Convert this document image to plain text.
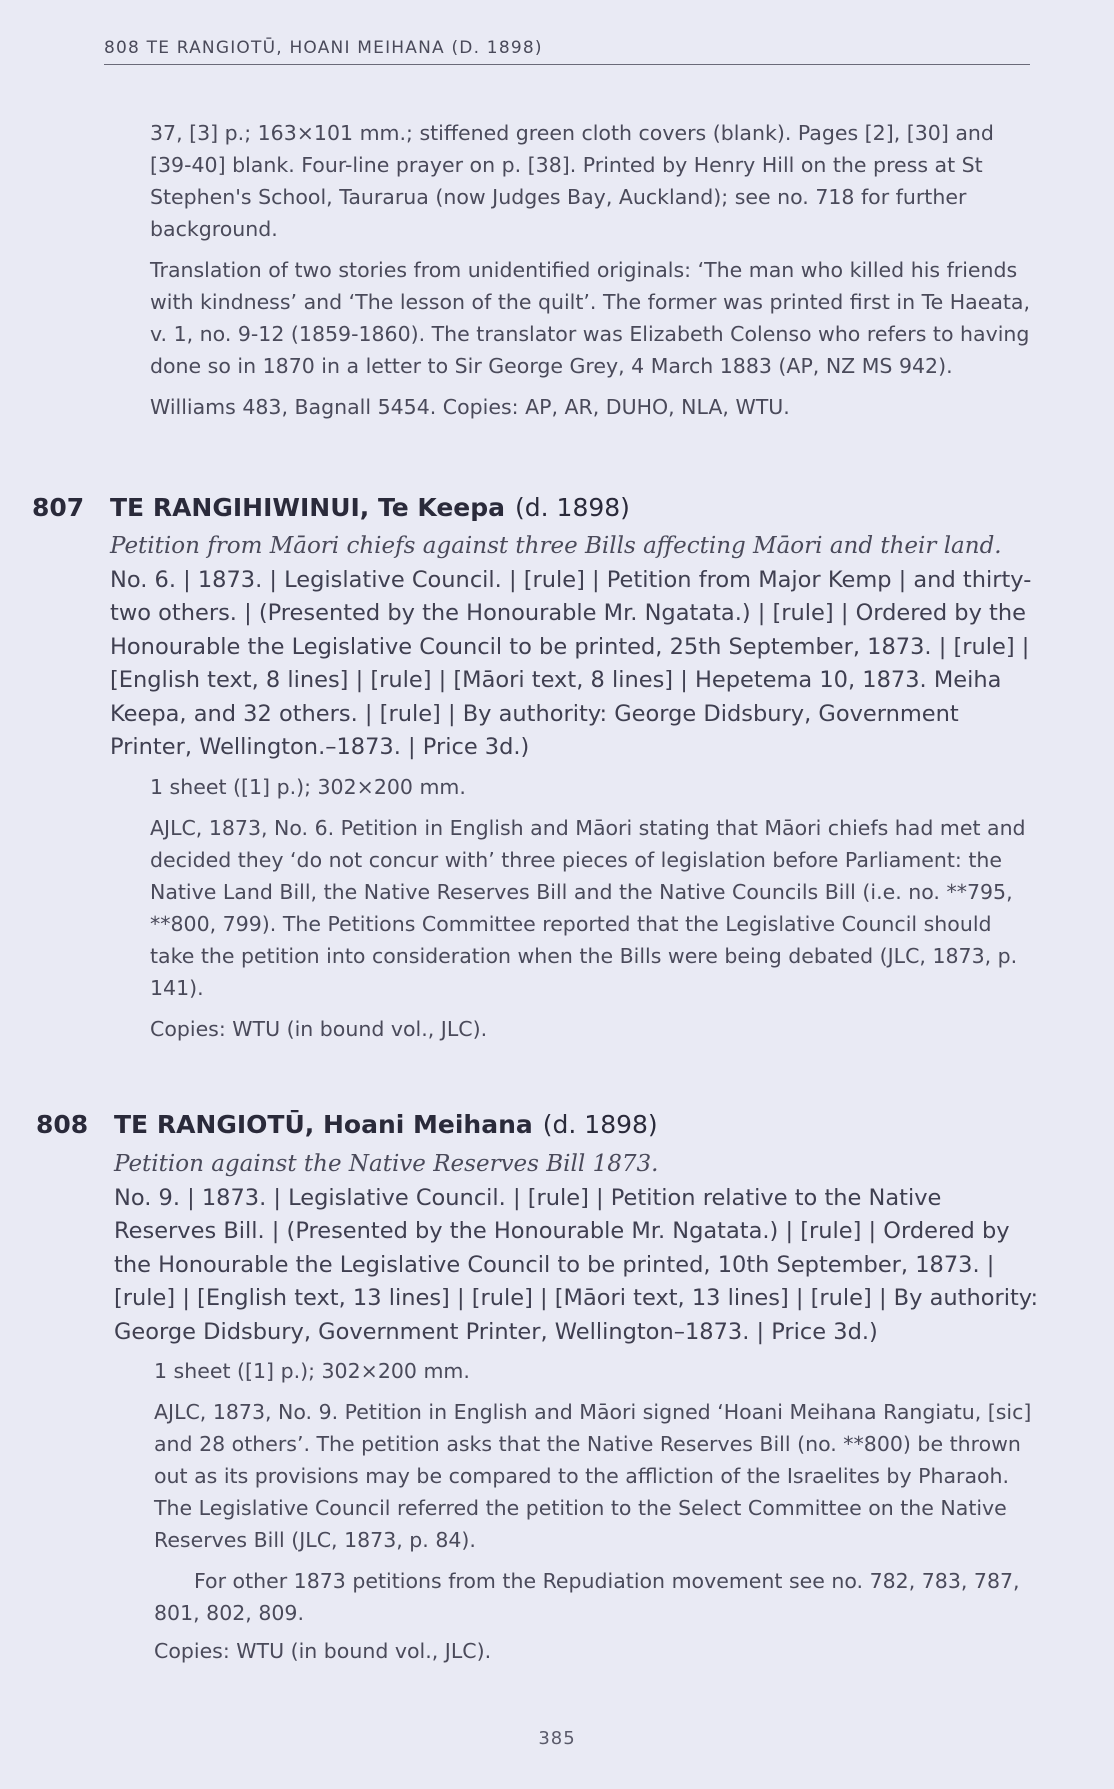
808 TE RANGIOTŪ, HOANI MEIHANA (D. 1898)

37, [3] p.; 163×101 mm.; stiffened green cloth covers (blank). Pages [2], [30] and [39-40] blank. Four-line prayer on p. [38]. Printed by Henry Hill on the press at St Stephen's School, Taurarua (now Judges Bay, Auckland); see no. 718 for further background.

Translation of two stories from unidentified originals: ‘The man who killed his friends with kindness’ and ‘The lesson of the quilt’. The former was printed first in Te Haeata, v. 1, no. 9-12 (1859-1860). The translator was Elizabeth Colenso who refers to having done so in 1870 in a letter to Sir George Grey, 4 March 1883 (AP, NZ MS 942).

Williams 483, Bagnall 5454. Copies: AP, AR, DUHO, NLA, WTU.

807 TE RANGIHIWINUI, Te Keepa (d. 1898)

Petition from Māori chiefs against three Bills affecting Māori and their land.

No. 6. | 1873. | Legislative Council. | [rule] | Petition from Major Kemp | and thirty-two others. | (Presented by the Honourable Mr. Ngatata.) | [rule] | Ordered by the Honourable the Legislative Council to be printed, 25th September, 1873. | [rule] | [English text, 8 lines] | [rule] | [Māori text, 8 lines] | Hepetema 10, 1873. Meiha Keepa, and 32 others. | [rule] | By authority: George Didsbury, Government Printer, Wellington.–1873. | Price 3d.)

1 sheet ([1] p.); 302×200 mm.

AJLC, 1873, No. 6. Petition in English and Māori stating that Māori chiefs had met and decided they ‘do not concur with’ three pieces of legislation before Parliament: the Native Land Bill, the Native Reserves Bill and the Native Councils Bill (i.e. no. **795, **800, 799). The Petitions Committee reported that the Legislative Council should take the petition into consideration when the Bills were being debated (JLC, 1873, p. 141).

Copies: WTU (in bound vol., JLC).

808 TE RANGIOTŪ, Hoani Meihana (d. 1898)

Petition against the Native Reserves Bill 1873.

No. 9. | 1873. | Legislative Council. | [rule] | Petition relative to the Native Reserves Bill. | (Presented by the Honourable Mr. Ngatata.) | [rule] | Ordered by the Honourable the Legislative Council to be printed, 10th September, 1873. | [rule] | [English text, 13 lines] | [rule] | [Māori text, 13 lines] | [rule] | By authority: George Didsbury, Government Printer, Wellington–1873. | Price 3d.)

1 sheet ([1] p.); 302×200 mm.

AJLC, 1873, No. 9. Petition in English and Māori signed ‘Hoani Meihana Rangiatu, [sic] and 28 others’. The petition asks that the Native Reserves Bill (no. **800) be thrown out as its provisions may be compared to the affliction of the Israelites by Pharaoh. The Legislative Council referred the petition to the Select Committee on the Native Reserves Bill (JLC, 1873, p. 84).

For other 1873 petitions from the Repudiation movement see no. 782, 783, 787, 801, 802, 809.

Copies: WTU (in bound vol., JLC).

385
